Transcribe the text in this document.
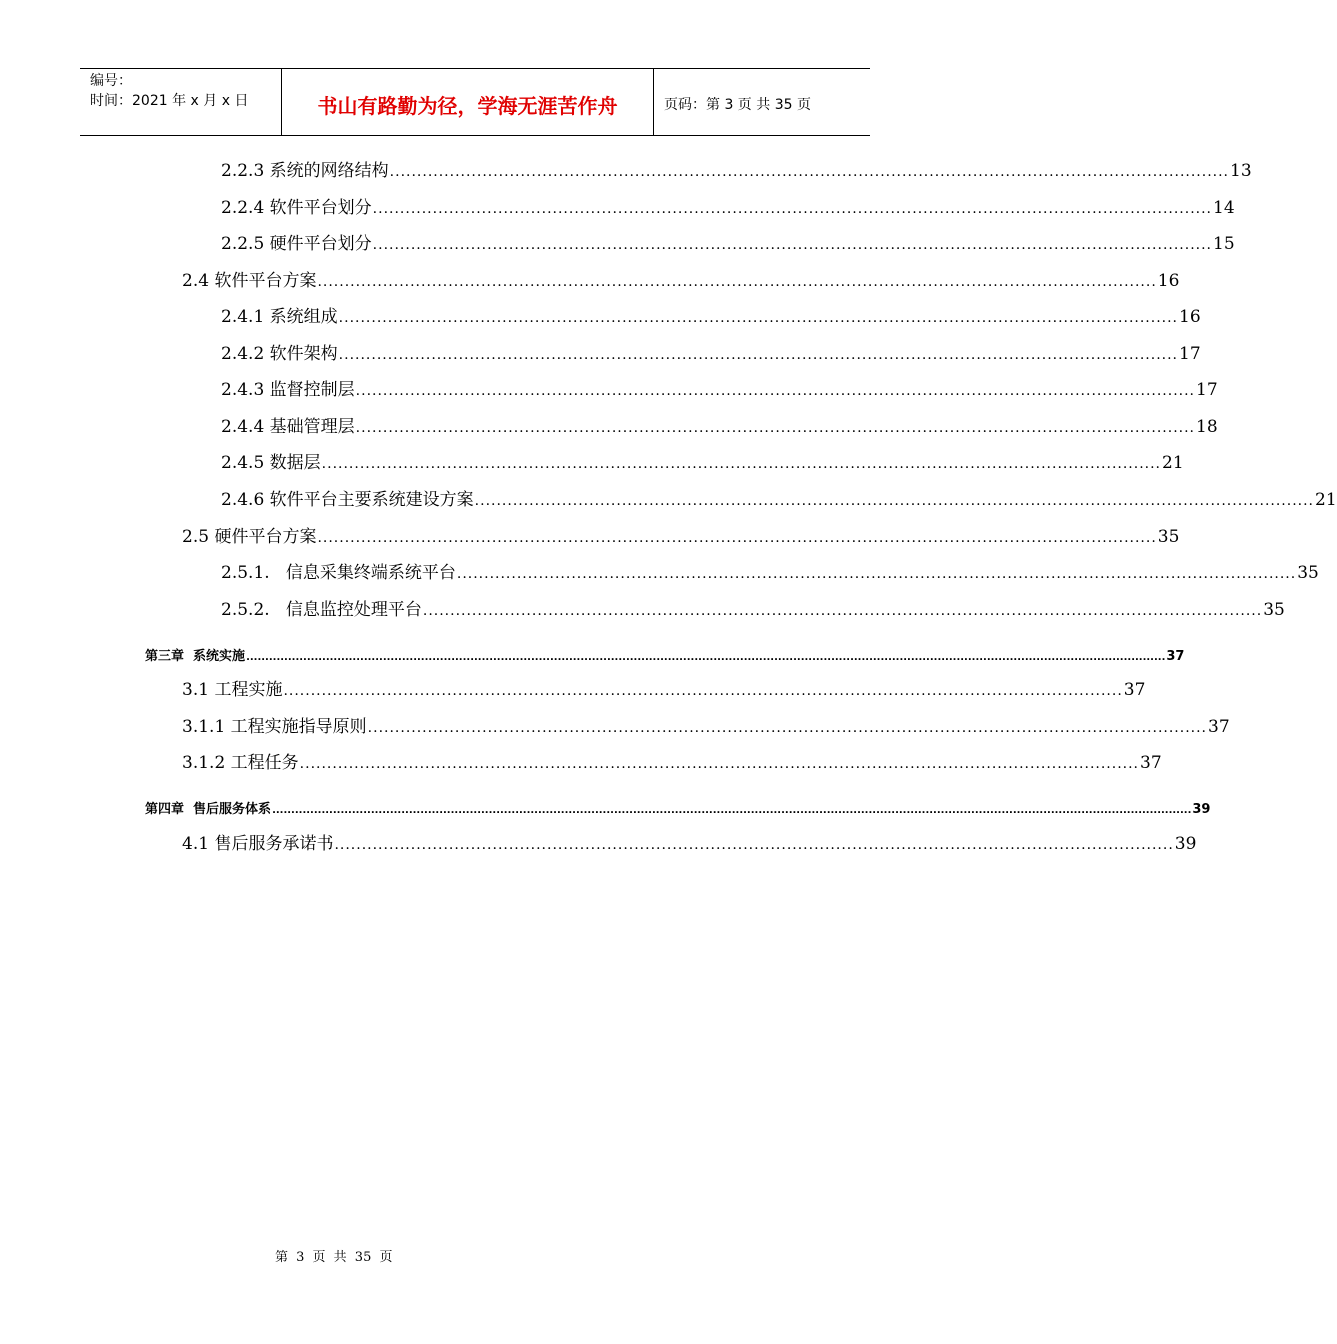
编号：
时间：2021 年 x 月 x 日	书山有路勤为径，学海无涯苦作舟	页码：第 3 页 共 35 页
2.2.3 系统的网络结构 .......................................................................................................................................................... 13
2.2.4 软件平台划分 .......................................................................................................................................................... 14
2.2.5 硬件平台划分 .......................................................................................................................................................... 15
2.4 软件平台方案 .......................................................................................................................................................... 16
2.4.1 系统组成 .......................................................................................................................................................... 16
2.4.2 软件架构 .......................................................................................................................................................... 17
2.4.3 监督控制层 .......................................................................................................................................................... 17
2.4.4 基础管理层 .......................................................................................................................................................... 18
2.4.5 数据层 .......................................................................................................................................................... 21
2.4.6 软件平台主要系统建设方案 .......................................................................................................................................................... 21
2.5 硬件平台方案 .......................................................................................................................................................... 35
2.5.1.   信息采集终端系统平台 .......................................................................................................................................................... 35
2.5.2.   信息监控处理平台 .......................................................................................................................................................... 35
第三章  系统实施 .................................................................................................................................................................................................................................................. 37
3.1 工程实施 .......................................................................................................................................................... 37
3.1.1 工程实施指导原则 .......................................................................................................................................................... 37
3.1.2 工程任务 .......................................................................................................................................................... 37
第四章  售后服务体系 .................................................................................................................................................................................................................................................. 39
4.1 售后服务承诺书 .......................................................................................................................................................... 39
第 3 页 共 35 页
